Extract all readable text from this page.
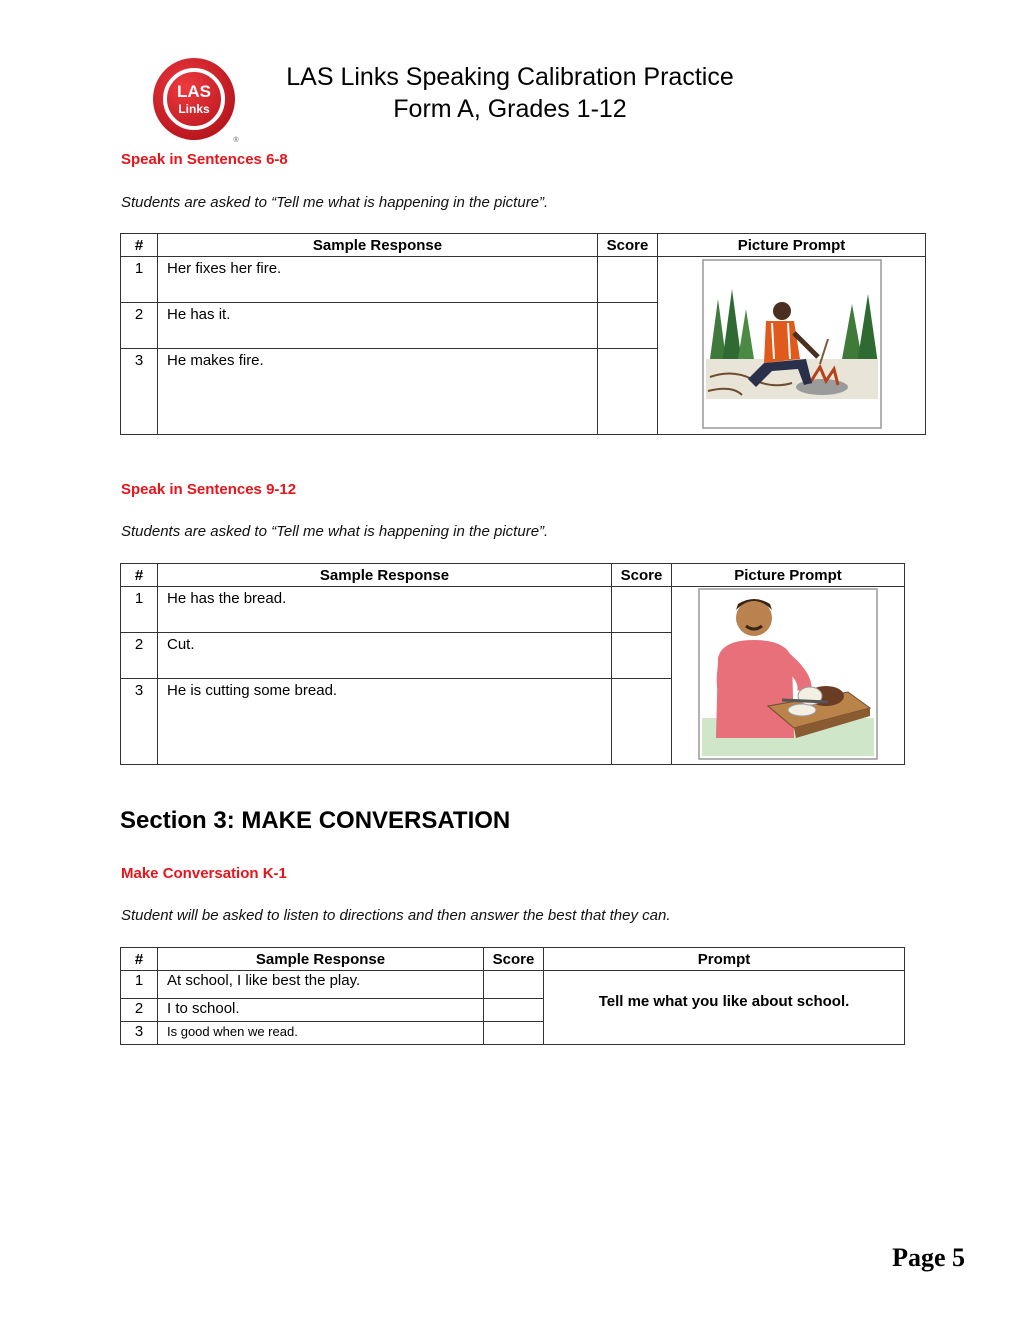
LAS
Links
®
LAS Links Speaking Calibration Practice
Form A, Grades 1-12
Speak in Sentences 6-8
Students are asked to “Tell me what is happening in the picture”.
#	Sample Response	Score	Picture Prompt
1	Her fixes her fire.		
2	He has it.		
3	He makes fire.		
Speak in Sentences 9-12
Students are asked to “Tell me what is happening in the picture”.
#	Sample Response	Score	Picture Prompt
1	He has the bread.		
2	Cut.		
3	He is cutting some bread.		
Section 3: MAKE CONVERSATION
Make Conversation K-1
Student will be asked to listen to directions and then answer the best that they can.
#	Sample Response	Score	Prompt
1	At school, I like best the play.		Tell me what you like about school.
2	I to school.		
3	Is good when we read.		
Page 5
